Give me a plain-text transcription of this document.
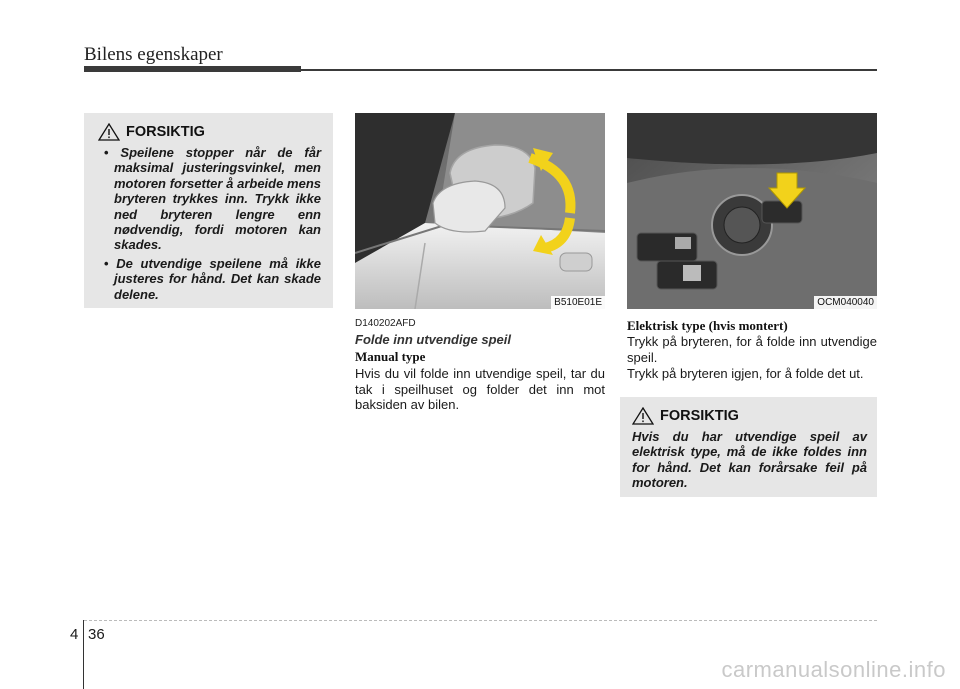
Bilens egenskaper
FORSIKTIG
• Speilene stopper når de får maksimal justeringsvinkel, men motoren forsetter å arbeide mens bryteren trykkes inn. Trykk ikke ned bryteren lengre enn nødvendig, fordi motoren kan skades.
• De utvendige speilene må ikke justeres for hånd. Det kan skade delene.
B510E01E
D140202AFD
Folde inn utvendige speil
Manual type
Hvis du vil folde inn utvendige speil, tar du tak i speilhuset og folder det inn mot baksiden av bilen.
OCM040040
Elektrisk type (hvis montert)
Trykk på bryteren, for å folde inn utvendige speil.
Trykk på bryteren igjen, for å folde det ut.
FORSIKTIG
Hvis du har utvendige speil av elektrisk type, må de ikke foldes inn for hånd. Det kan forårsake feil på motoren.
4 36
carmanualsonline.info
